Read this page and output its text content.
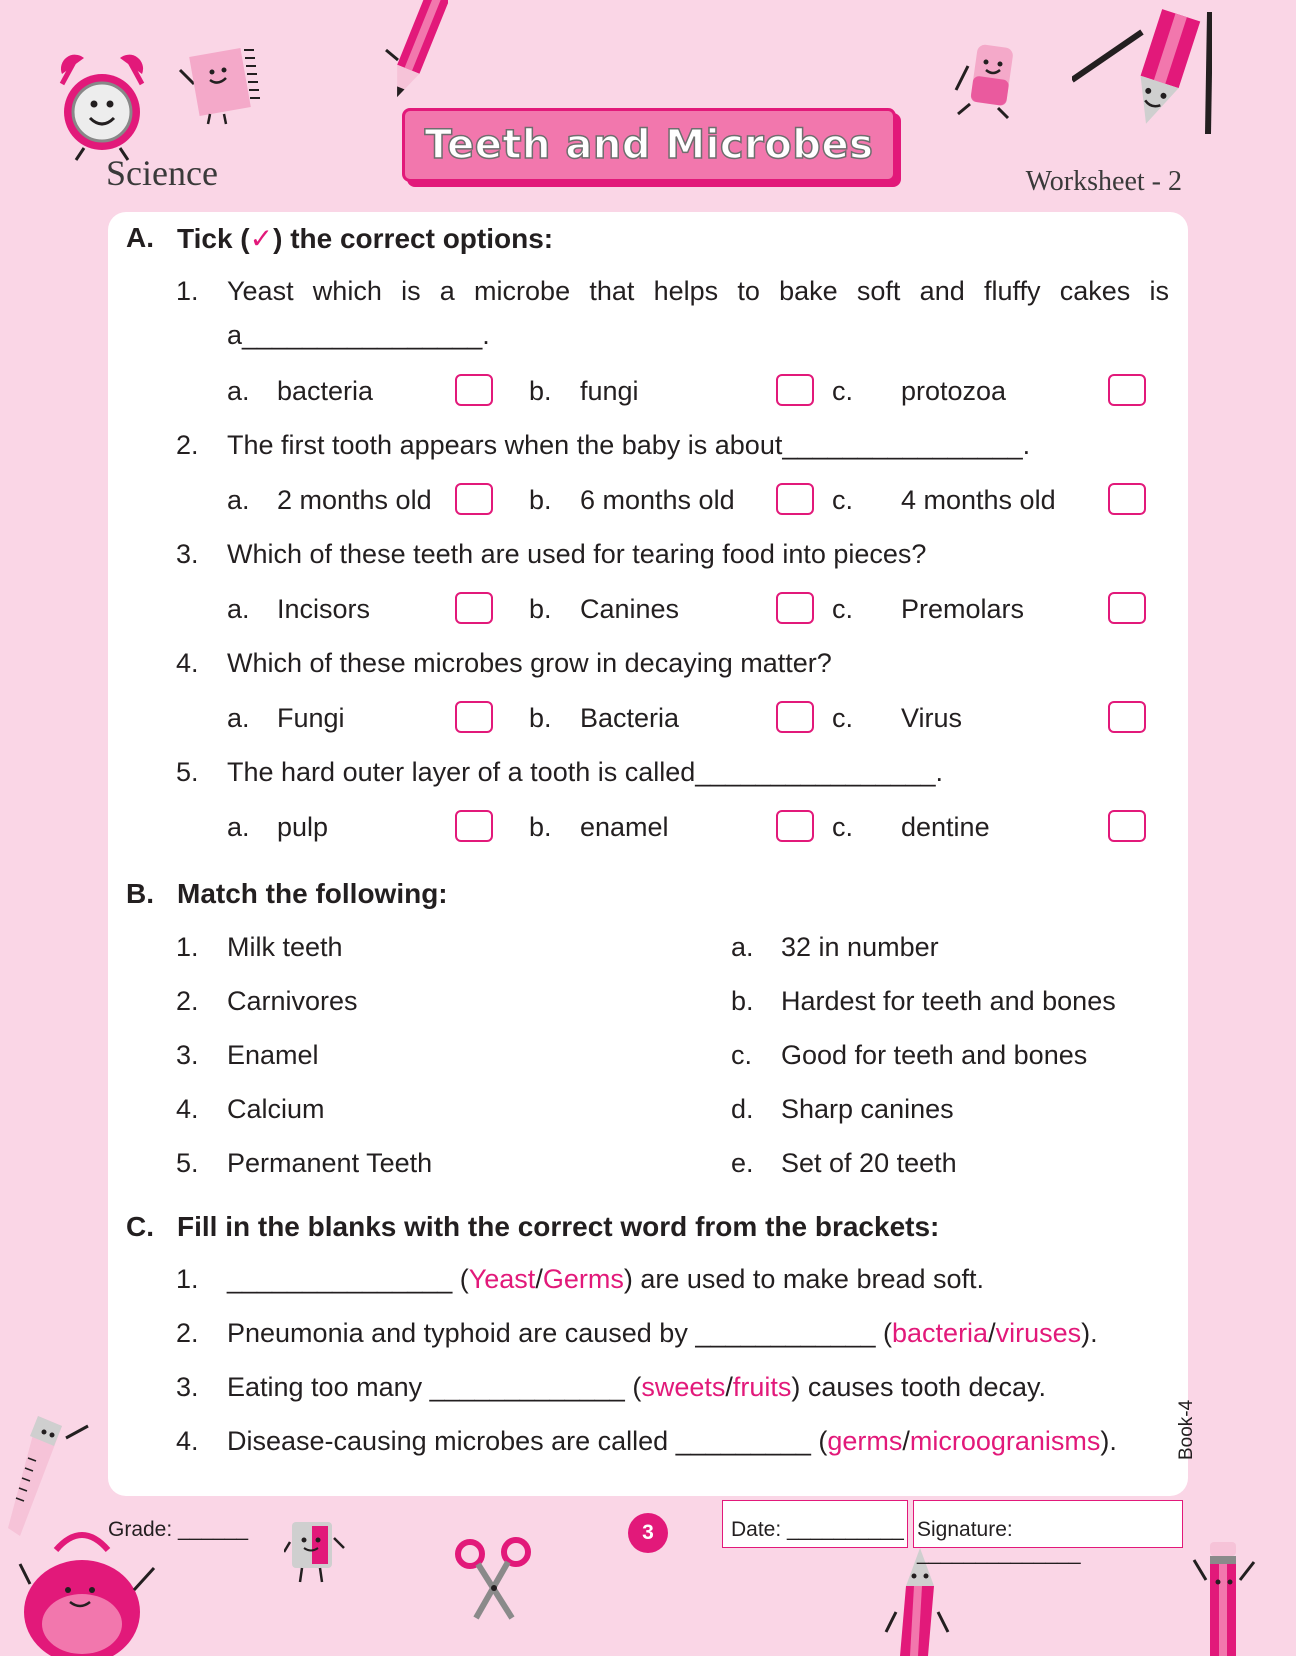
Science
Teeth and Microbes
Worksheet - 2
A. Tick (✓) the correct options:
1. Yeast which is a microbe that helps to bake soft and fluffy cakes is
a________________.
a. bacteria	b. fungi	c. protozoa
a. 2 months old	b. 6 months old	c. 4 months old
a. Incisors	b. Canines	c. Premolars
a. Fungi	b. Bacteria	c. Virus
a. pulp	b. enamel	c. dentine
2. The first tooth appears when the baby is about________________.
3. Which of these teeth are used for tearing food into pieces?
4. Which of these microbes grow in decaying matter?
5. The hard outer layer of a tooth is called________________.
B. Match the following:
1. Milk teeth	a. 32 in number
2. Carnivores	b. Hardest for teeth and bones
3. Enamel	c. Good for teeth and bones
4. Calcium	d. Sharp canines
5. Permanent Teeth	e. Set of 20 teeth
C. Fill in the blanks with the correct word from the brackets:
1. _______________ (Yeast/Germs) are used to make bread soft.
2. Pneumonia and typhoid are caused by ____________ (bacteria/viruses).
3. Eating too many _____________ (sweets/fruits) causes tooth decay.
4. Disease-causing microbes are called _________ (germs/microogranisms).	Book-4
Grade: ______	3	Date: __________ Signature: ______________
